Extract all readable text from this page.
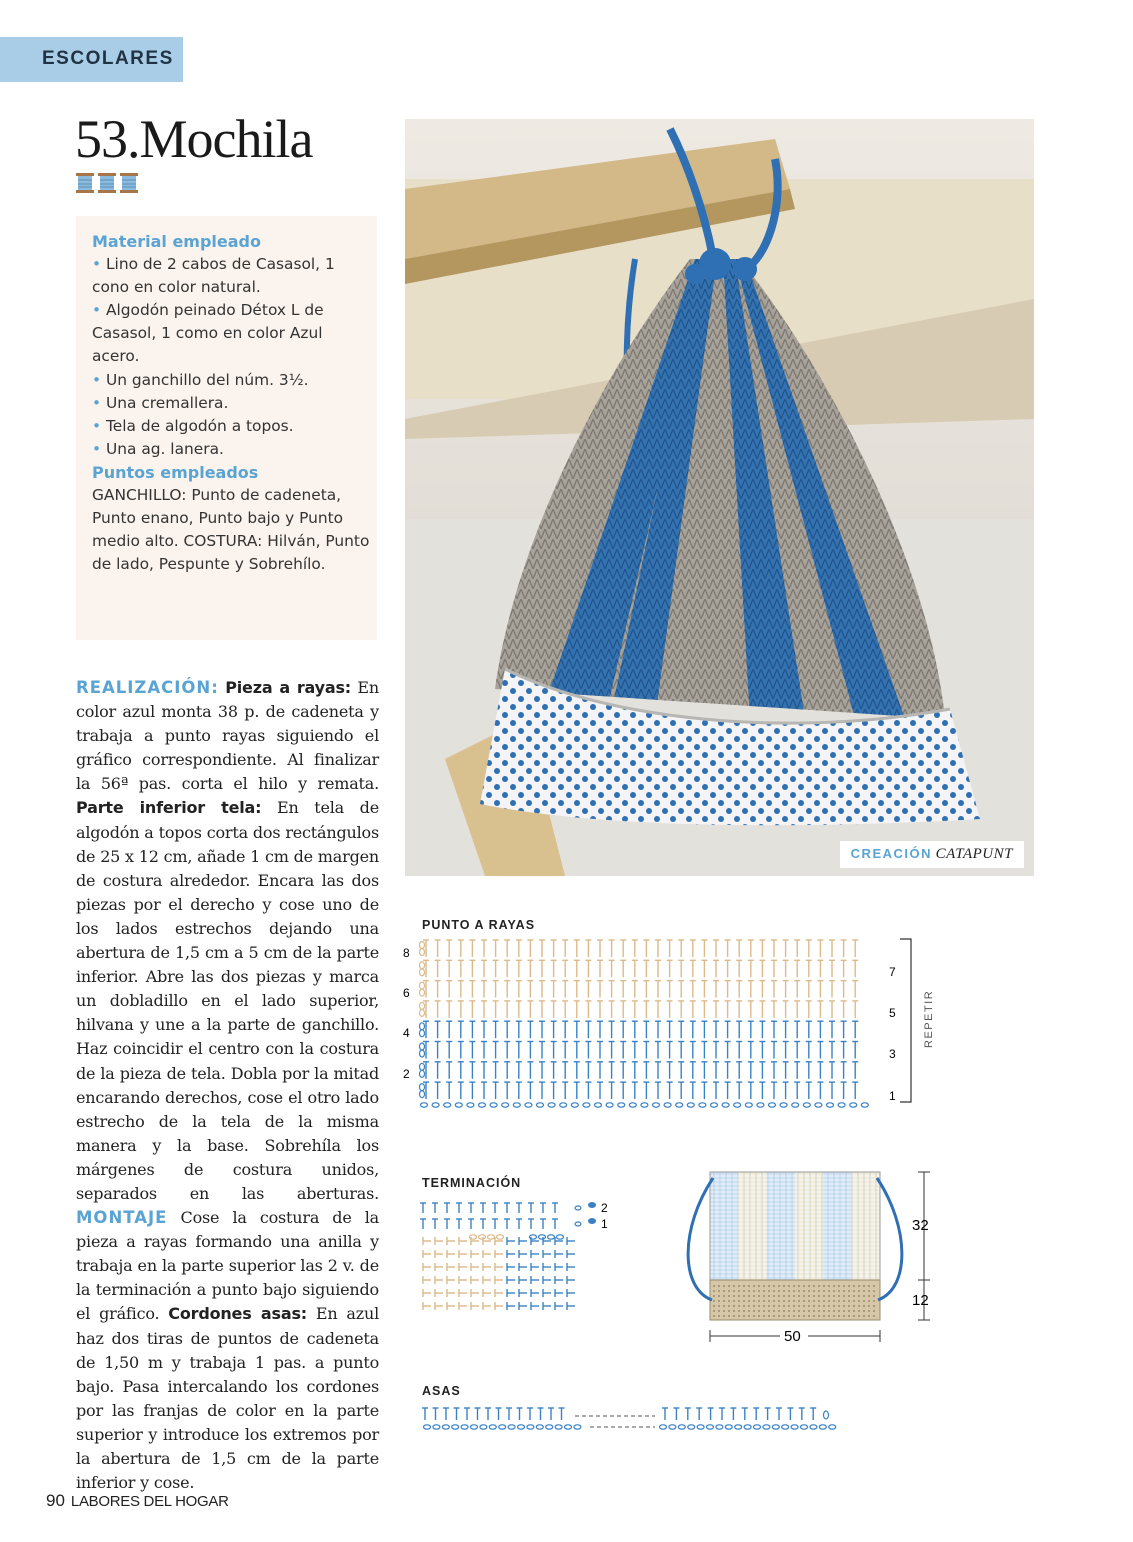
ESCOLARES
53.Mochila
Material empleado
• Lino de 2 cabos de Casasol, 1 cono en color natural.
• Algodón peinado Détox L de Casasol, 1 como en color Azul acero.
• Un ganchillo del núm. 3½.
• Una cremallera.
• Tela de algodón a topos.
• Una ag. lanera.
Puntos empleados
GANCHILLO: Punto de cadeneta, Punto enano, Punto bajo y Punto medio alto. COSTURA: Hilván, Punto de lado, Pespunte y Sobrehílo.
REALIZACIÓN: Pieza a rayas: En color azul monta 38 p. de cadeneta y trabaja a punto rayas siguiendo el gráfico correspondiente. Al finalizar la 56ª pas. corta el hilo y remata. Parte inferior tela: En tela de algodón a topos corta dos rectángulos de 25 x 12 cm, añade 1 cm de margen de costura alrededor. Encara las dos piezas por el derecho y cose uno de los lados estrechos dejando una abertura de 1,5 cm a 5 cm de la parte inferior. Abre las dos piezas y marca un dobladillo en el lado superior, hilvana y une a la parte de ganchillo. Haz coincidir el centro con la costura de la pieza de tela. Dobla por la mitad encarando derechos, cose el otro lado estrecho de la tela de la misma manera y la base. Sobrehíla los márgenes de costura unidos, separados en las aberturas. MONTAJE Cose la costura de la pieza a rayas formando una anilla y trabaja en la parte superior las 2 v. de la terminación a punto bajo siguiendo el gráfico. Cordones asas: En azul haz dos tiras de puntos de cadeneta de 1,50 m y trabaja 1 pas. a punto bajo. Pasa intercalando los cordones por las franjas de color en la parte superior y introduce los extremos por la abertura de 1,5 cm de la parte inferior y cose.
CREACIÓN CATAPUNT
PUNTO A RAYAS
8
6
4
2
7
5
3
1
REPETIR
TERMINACIÓN
2
1	32
12
50
ASAS
90 LABORES DEL HOGAR
